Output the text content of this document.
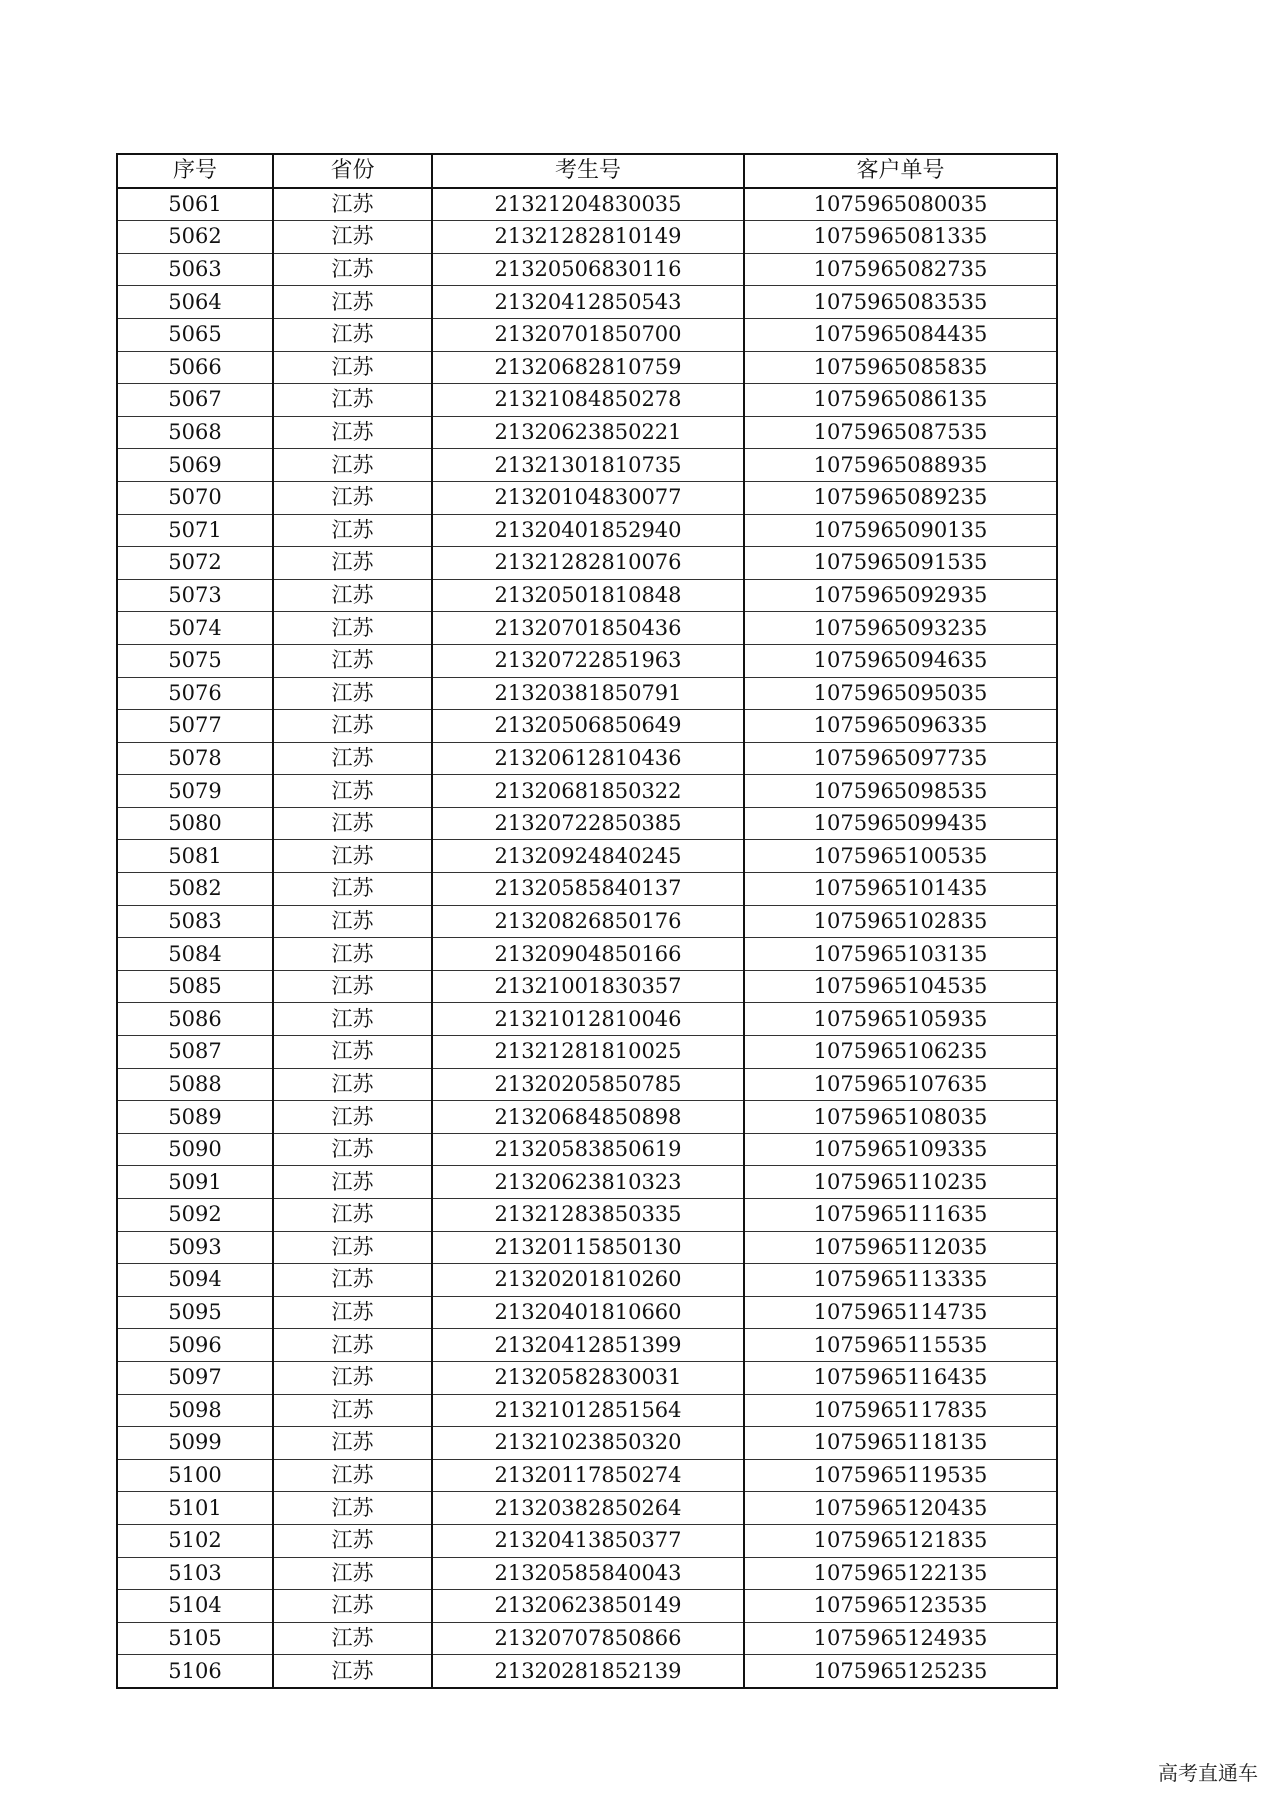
序号	省份	考生号	客户单号
5061	江苏	21321204830035	1075965080035
5062	江苏	21321282810149	1075965081335
5063	江苏	21320506830116	1075965082735
5064	江苏	21320412850543	1075965083535
5065	江苏	21320701850700	1075965084435
5066	江苏	21320682810759	1075965085835
5067	江苏	21321084850278	1075965086135
5068	江苏	21320623850221	1075965087535
5069	江苏	21321301810735	1075965088935
5070	江苏	21320104830077	1075965089235
5071	江苏	21320401852940	1075965090135
5072	江苏	21321282810076	1075965091535
5073	江苏	21320501810848	1075965092935
5074	江苏	21320701850436	1075965093235
5075	江苏	21320722851963	1075965094635
5076	江苏	21320381850791	1075965095035
5077	江苏	21320506850649	1075965096335
5078	江苏	21320612810436	1075965097735
5079	江苏	21320681850322	1075965098535
5080	江苏	21320722850385	1075965099435
5081	江苏	21320924840245	1075965100535
5082	江苏	21320585840137	1075965101435
5083	江苏	21320826850176	1075965102835
5084	江苏	21320904850166	1075965103135
5085	江苏	21321001830357	1075965104535
5086	江苏	21321012810046	1075965105935
5087	江苏	21321281810025	1075965106235
5088	江苏	21320205850785	1075965107635
5089	江苏	21320684850898	1075965108035
5090	江苏	21320583850619	1075965109335
5091	江苏	21320623810323	1075965110235
5092	江苏	21321283850335	1075965111635
5093	江苏	21320115850130	1075965112035
5094	江苏	21320201810260	1075965113335
5095	江苏	21320401810660	1075965114735
5096	江苏	21320412851399	1075965115535
5097	江苏	21320582830031	1075965116435
5098	江苏	21321012851564	1075965117835
5099	江苏	21321023850320	1075965118135
5100	江苏	21320117850274	1075965119535
5101	江苏	21320382850264	1075965120435
5102	江苏	21320413850377	1075965121835
5103	江苏	21320585840043	1075965122135
5104	江苏	21320623850149	1075965123535
5105	江苏	21320707850866	1075965124935
5106	江苏	21320281852139	1075965125235
高考直通车
